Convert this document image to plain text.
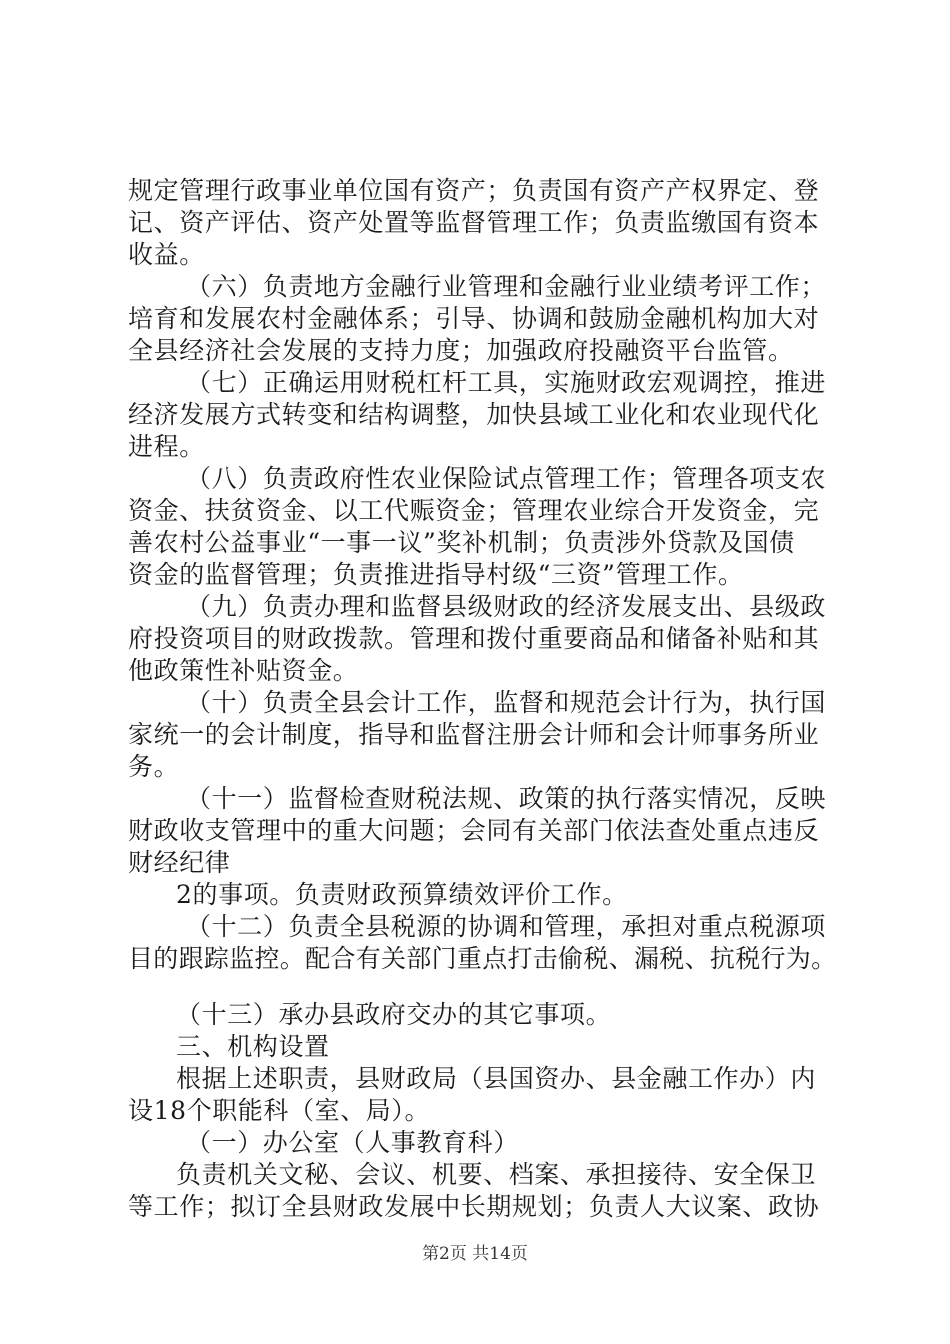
规定管理行政事业单位国有资产；负责国有资产产权界定、登
记、资产评估、资产处置等监督管理工作；负责监缴国有资本
收益。
（六）负责地方金融行业管理和金融行业业绩考评工作；
培育和发展农村金融体系；引导、协调和鼓励金融机构加大对
全县经济社会发展的支持力度；加强政府投融资平台监管。
（七）正确运用财税杠杆工具，实施财政宏观调控，推进
经济发展方式转变和结构调整，加快县域工业化和农业现代化
进程。
（八）负责政府性农业保险试点管理工作；管理各项支农
资金、扶贫资金、以工代赈资金；管理农业综合开发资金，完
善农村公益事业“一事一议”奖补机制；负责涉外贷款及国债
资金的监督管理；负责推进指导村级“三资”管理工作。
（九）负责办理和监督县级财政的经济发展支出、县级政
府投资项目的财政拨款。管理和拨付重要商品和储备补贴和其
他政策性补贴资金。
（十）负责全县会计工作，监督和规范会计行为，执行国
家统一的会计制度，指导和监督注册会计师和会计师事务所业
务。
（十一）监督检查财税法规、政策的执行落实情况，反映
财政收支管理中的重大问题；会同有关部门依法查处重点违反
财经纪律
2的事项。负责财政预算绩效评价工作。
（十二）负责全县税源的协调和管理，承担对重点税源项
目的跟踪监控。配合有关部门重点打击偷税、漏税、抗税行为。
（十三）承办县政府交办的其它事项。
三、机构设置
根据上述职责，县财政局（县国资办、县金融工作办）内
设18个职能科（室、局）。
（一）办公室（人事教育科）
负责机关文秘、会议、机要、档案、承担接待、安全保卫
等工作；拟订全县财政发展中长期规划；负责人大议案、政协
第2页 共14页
